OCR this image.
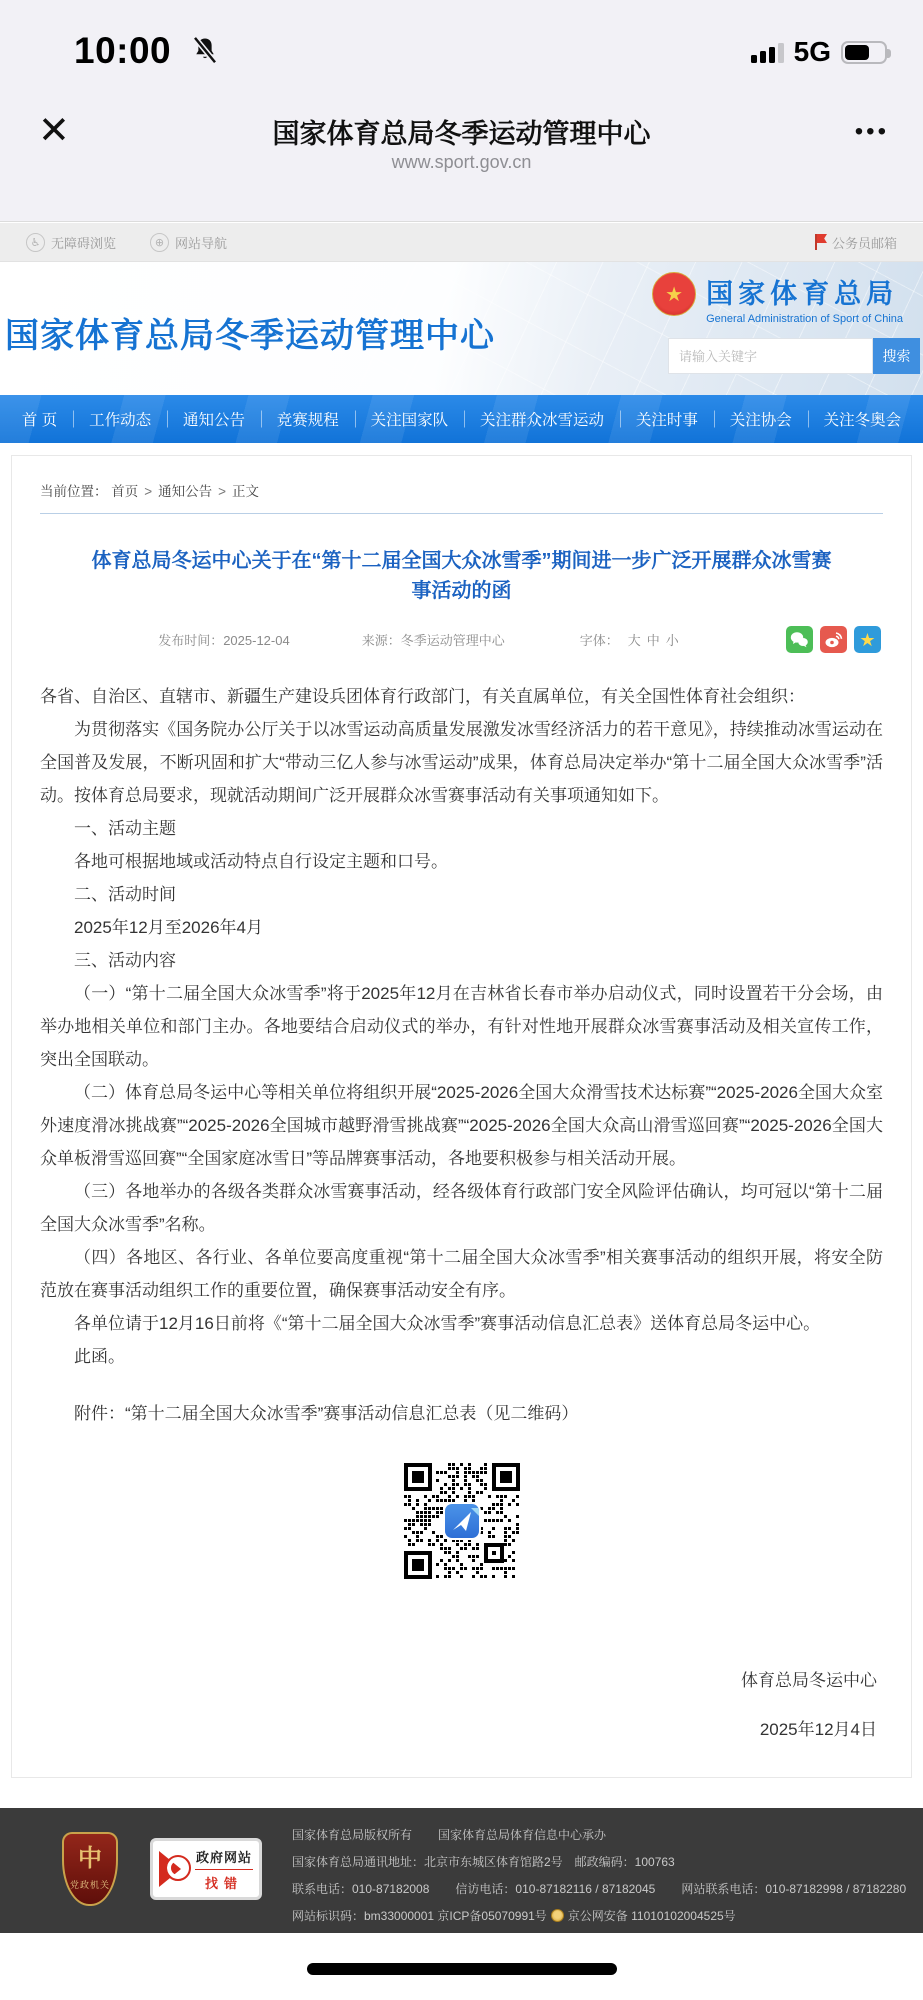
10:00	5G
✕	国家体育总局冬季运动管理中心
www.sport.gov.cn
•••
♿ 无障碍浏览	⊕ 网站导航	公务员邮箱
国家体育总局冬季运动管理中心
★ 国家体育总局
General Administration of Sport of China
请输入关键字
搜索
首 页	工作动态	通知公告	竞赛规程	关注国家队	关注群众冰雪运动	关注时事	关注协会	关注冬奥会
当前位置： 首页 > 通知公告 > 正文
体育总局冬运中心关于在“第十二届全国大众冰雪季”期间进一步广泛开展群众冰雪赛事活动的函
发布时间：2025-12-04	来源：冬季运动管理中心	字体： 大 中 小	★

各省、自治区、直辖市、新疆生产建设兵团体育行政部门，有关直属单位，有关全国性体育社会组织：

为贯彻落实《国务院办公厅关于以冰雪运动高质量发展激发冰雪经济活力的若干意见》，持续推动冰雪运动在全国普及发展，不断巩固和扩大“带动三亿人参与冰雪运动”成果，体育总局决定举办“第十二届全国大众冰雪季”活动。按体育总局要求，现就活动期间广泛开展群众冰雪赛事活动有关事项通知如下。

一、活动主题

各地可根据地域或活动特点自行设定主题和口号。

二、活动时间

2025年12月至2026年4月

三、活动内容

（一）“第十二届全国大众冰雪季”将于2025年12月在吉林省长春市举办启动仪式，同时设置若干分会场，由举办地相关单位和部门主办。各地要结合启动仪式的举办，有针对性地开展群众冰雪赛事活动及相关宣传工作，突出全国联动。

（二）体育总局冬运中心等相关单位将组织开展“2025-2026全国大众滑雪技术达标赛”“2025-2026全国大众室外速度滑冰挑战赛”“2025-2026全国城市越野滑雪挑战赛”“2025-2026全国大众高山滑雪巡回赛”“2025-2026全国大众单板滑雪巡回赛”“全国家庭冰雪日”等品牌赛事活动，各地要积极参与相关活动开展。

（三）各地举办的各级各类群众冰雪赛事活动，经各级体育行政部门安全风险评估确认，均可冠以“第十二届全国大众冰雪季”名称。

（四）各地区、各行业、各单位要高度重视“第十二届全国大众冰雪季”相关赛事活动的组织开展，将安全防范放在赛事活动组织工作的重要位置，确保赛事活动安全有序。

各单位请于12月16日前将《“第十二届全国大众冰雪季”赛事活动信息汇总表》送体育总局冬运中心。

此函。

附件：“第十二届全国大众冰雪季”赛事活动信息汇总表（见二维码）
体育总局冬运中心
2025年12月4日
中
党政机关
政府网站
找错
国家体育总局版权所有 国家体育总局体育信息中心承办
国家体育总局通讯地址：北京市东城区体育馆路2号　邮政编码：100763
联系电话：010-87182008 信访电话：010-87182116 / 87182045 网站联系电话：010-87182998 / 87182280
网站标识码：bm33000001 京ICP备05070991号 京公网安备 11010102004525号
